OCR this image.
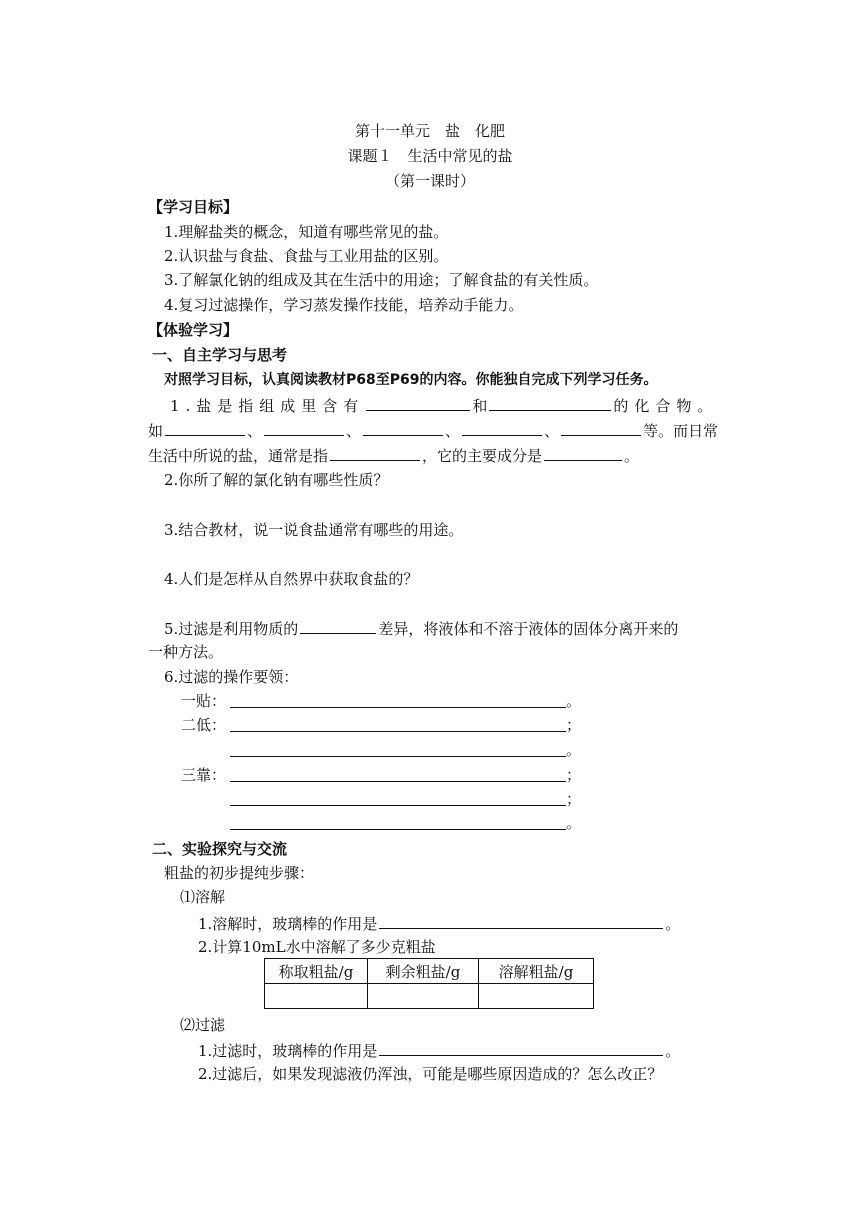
第十一单元　盐　化肥
课题１　生活中常见的盐
（第一课时）
【学习目标】
1.理解盐类的概念，知道有哪些常见的盐。
2.认识盐与食盐、食盐与工业用盐的区别。
3.了解氯化钠的组成及其在生活中的用途；了解食盐的有关性质。
4.复习过滤操作，学习蒸发操作技能，培养动手能力。
【体验学习】
一、自主学习与思考
对照学习目标，认真阅读教材P68至P69的内容。你能独自完成下列学习任务。
1.盐是指组成里含有	和	的化合物。
如	、	、	、	、	等。而日常
生活中所说的盐，通常是指	，它的主要成分是	。
2.你所了解的氯化钠有哪些性质？
3.结合教材，说一说食盐通常有哪些的用途。
4.人们是怎样从自然界中获取食盐的？
5.过滤是利用物质的	差异，将液体和不溶于液体的固体分离开来的
一种方法。
6.过滤的操作要领：
一贴：	。
二低：	；
。
三靠：	；
；
。
二、实验探究与交流
粗盐的初步提纯步骤：
⑴溶解
1.溶解时，玻璃棒的作用是	。
2.计算10mL水中溶解了多少克粗盐
称取粗盐/g	剩余粗盐/g	溶解粗盐/g

⑵过滤
1.过滤时，玻璃棒的作用是	。
2.过滤后，如果发现滤液仍浑浊，可能是哪些原因造成的？怎么改正？
